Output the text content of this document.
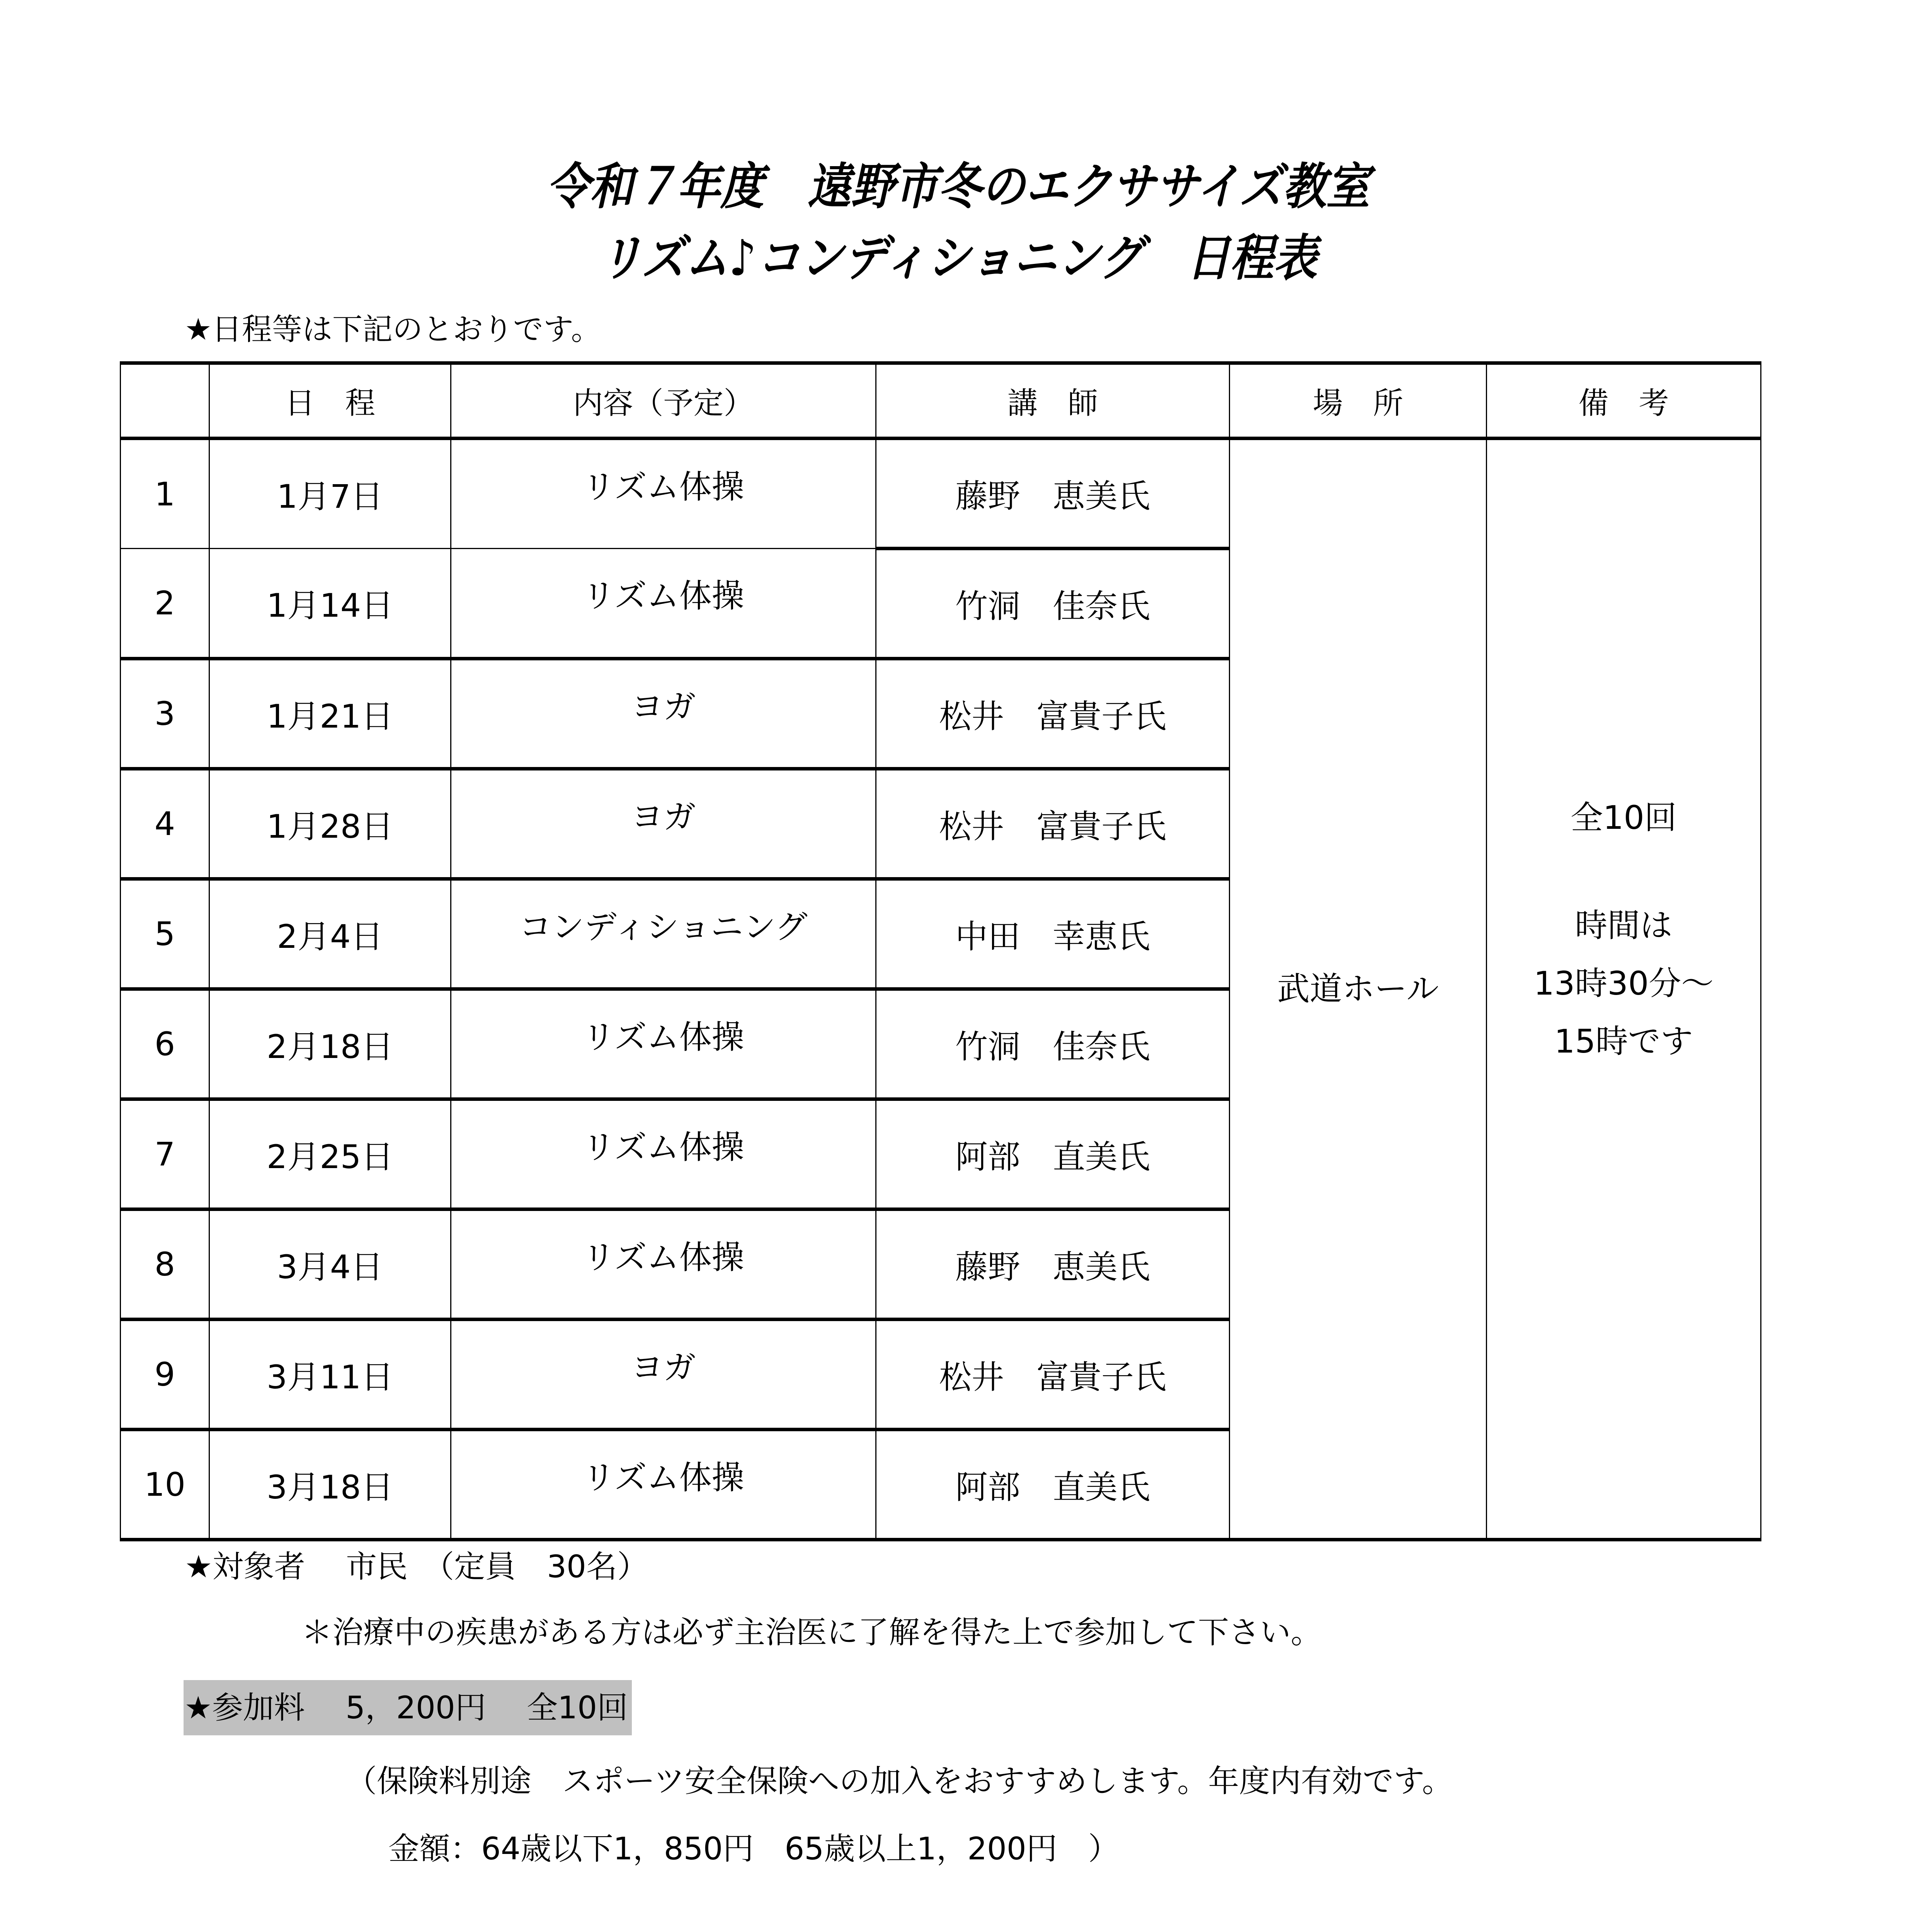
令和７年度　遠野市冬のエクササイズ教室
リズム♪コンディショニング　日程表
★日程等は下記のとおりです。
	日　程	内容（予定）	講　師	場　所	備　考
1	1月7日	リズム体操	藤野　恵美氏	武道ホール	全10回
時間は
13時30分～
15時です

2	1月14日	リズム体操	竹洞　佳奈氏		
3	1月21日	ヨガ	松井　富貴子氏		
4	1月28日	ヨガ	松井　富貴子氏		
5	2月4日	コンディショニング	中田　幸恵氏		
6	2月18日	リズム体操	竹洞　佳奈氏		
7	2月25日	リズム体操	阿部　直美氏		
8	3月4日	リズム体操	藤野　恵美氏		
9	3月11日	ヨガ	松井　富貴子氏		
10	3月18日	リズム体操	阿部　直美氏		
★対象者　 市民　（定員　30名）
＊治療中の疾患がある方は必ず主治医に了解を得た上で参加して下さい。
★参加料　 5，200円　 全10回
（保険料別途　スポーツ安全保険への加入をおすすめします。年度内有効です。
金額：64歳以下1，850円　65歳以上1，200円　）
